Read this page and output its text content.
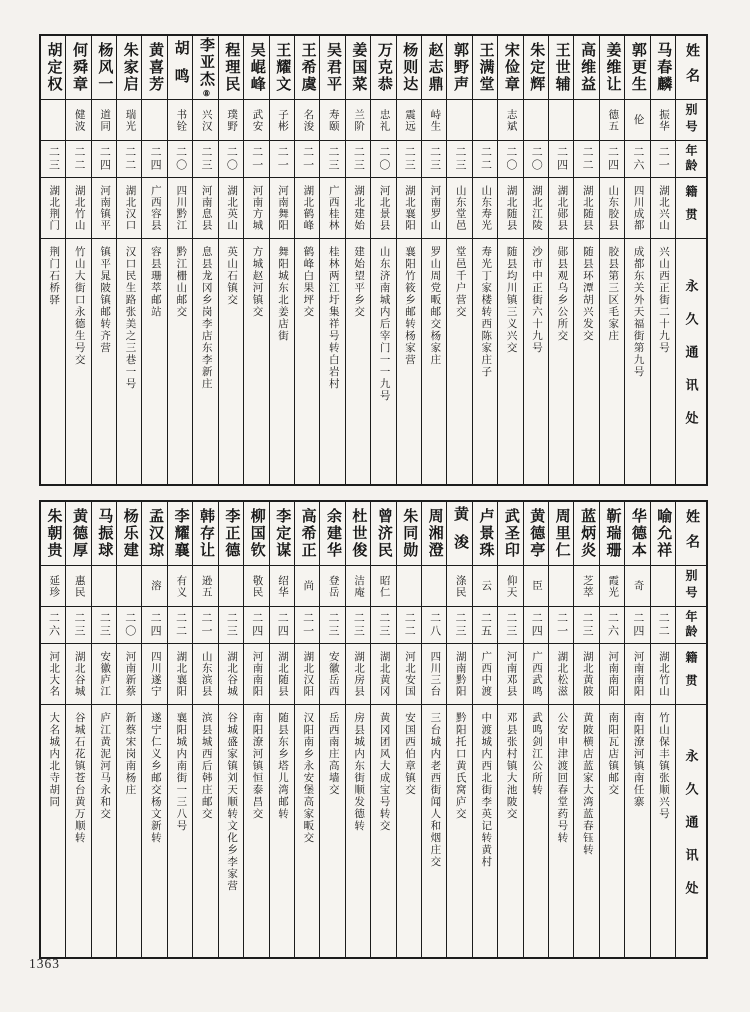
姓名
别号
年龄
籍贯
永久通讯处
马春麟
振华
二一
湖北兴山
兴山西正街二十九号
郭更生
伦
二六
四川成都
成都东关外天福街第九号
姜维让
德五
二四
山东胶县
胶县第三区毛家庄
高维益
二二
湖北随县
随县环潭胡兴发交
王世辅
二四
湖北郧县
郧县观乌乡公所交
朱定辉
二〇
湖北江陵
沙市中正街六十九号
宋俭章
志斌
二〇
湖北随县
随县均川镇三义兴交
王满堂
二二
山东寿光
寿光丁家楼转西陈家庄子
郭野声
二三
山东堂邑
堂邑千户营交
赵志鼎
峙生
二三
河南罗山
罗山周党畈邮交杨家庄
杨则达
震远
二三
湖北襄阳
襄阳竹筱乡邮转杨家营
万克恭
忠礼
二〇
河北景县
山东济南城内后宰门一一九号
姜国菜
兰阶
二三
湖北建始
建始望平乡交
吴君平
寿颐
二三
广西桂林
桂林两江圩集祥号转白岩村
王希虞
名浚
二一
湖北鹤峰
鹤峰白果坪交
王耀文
子彬
二一
河南舞阳
舞阳城东北姜店街
吴崐峰
武安
二一
河南方城
方城赵河镇交
程理民
璞野
二〇
湖北英山
英山石镇交
李亚杰⑧
兴汉
二三
河南息县
息县龙冈乡岗李店东李新庄
胡鸣
书铨
二〇
四川黔江
黔江栅山邮交
黄喜芳
二四
广西容县
容县珊萃邮站
朱家启
瑞光
二二
湖北汉口
汉口民生路张美之三巷一号
杨风一
道同
二四
河南镇平
镇平晁陂镇邮转齐营
何舜章
健波
二二
湖北竹山
竹山大街口永德生号交
胡定权
二三
湖北荆门
荆门石桥驿
姓名
别号
年龄
籍贯
永久通讯处
喻允祥
二二
湖北竹山
竹山保丰镇张顺兴号
华德本
奇
二四
河南南阳
南阳潦河镇南任寨
靳瑞珊
霞光
二六
河南南阳
南阳瓦店镇邮交
蓝炳炎
芝萃
二三
湖北黄陂
黄陂横店蓝家大湾蓝春钰转
周里仁
二一
湖北松滋
公安申津渡回春堂药号转
黄德亭
臣
二四
广西武鸣
武鸣剑江公所转
武圣印
仰天
二三
河南邓县
邓县张村镇大池陂交
卢景珠
云
二五
广西中渡
中渡城内西北街李英记转黄村
黄浚
涤民
二三
湖南黔阳
黔阳托口黄氏窝庐交
周湘澄
二八
四川三台
三台城内老西街闻人和烟庄交
朱同勋
二二
河北安国
安国西伯章镇交
曾济民
昭仁
二三
湖北黄冈
黄冈团风大成宝号转交
杜世俊
洁庵
二三
湖北房县
房县城内东街顺发德转
余建华
登岳
二三
安徽岳西
岳西南庄高墙交
高希正
尚
二一
湖北汉阳
汉阳南乡永安堡高家畈交
李定谋
绍华
二四
湖北随县
随县东乡塔儿湾邮转
柳国钦
敬民
二四
河南南阳
南阳潦河镇恒泰昌交
李正德
二三
湖北谷城
谷城盛家镇刘天顺转文化乡李家营
韩存让
逊五
二一
山东滨县
滨县城西后韩庄邮交
李耀襄
有义
二二
湖北襄阳
襄阳城内南街一三八号
孟汉琼
溶
二四
四川遂宁
遂宁仁义乡邮交杨文新转
杨乐建
二〇
河南新蔡
新蔡宋岗南杨庄
马振球
二三
安徽庐江
庐江黄泥河马永和交
黄德厚
惠民
二三
湖北谷城
谷城石花镇苍台黄万顺转
朱朝贵
延珍
二六
河北大名
大名城内北寺胡同
1363
